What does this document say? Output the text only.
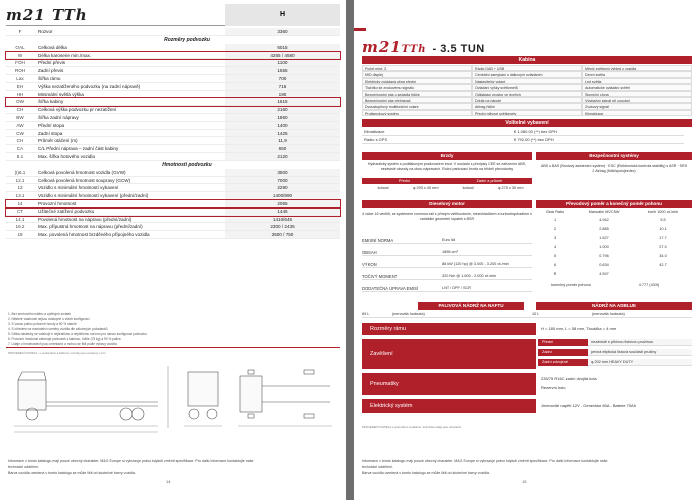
m21 TTh	H
F	Rozvor	3360
Rozměry podvozku
OAL	Celková délka	6015
W	Délka karoserie min./max.	4265 / 4580
FOH	Přední převis	1100
ROH	Zadní převis	1555
Lax	Šířka rámu	700
EH	Výška nezatíženého podvozku (na zadní nápravě)	715
HH	Minimální světlá výška	190
OW	Šířka kabiny	1615
CH	Celková výška podvozku pr nezatížení	2160
BW	Šířka zadní nápravy	1860
AW	Přední stopa	1400
CW	Zadní stopa	1425
CH	Průměr otáčení (m)	11,9
CA	C/L Přední náprava – zadní část kabiny	650
6.1	Max. šířka hotového vozidla	2120
Hmotnosti podvozku
(I)6.1	Celková povolená hmotnost vozidla (GVW)	3500
12.1	Celková povolená hmotnost soupravy (GCW)	7000
13	Vozidlo s minimální hmotností vybavení	2290
13.1	Vozidlo s minimální hmotností vybavení (přední/zadní)	1400/890
14	Provozní hmotnost	2055
CT	Užitečné zatížení podvozku	1445
14.1	Povolená hmotnost na nápravu (přední/zadní)	1410/645
16.2	Max. přípustná hmotnost na nápravu (přední/zadní)	2300 / 2435
18	Max. povolená hmotnost brzděného přípojného vozidla	3500 / 750
1. Bez smrkového nátěru a zpětných zrcátek
2. Některé vlastnosti nejsou dostupné u všech konfigurací
3. S vanou palivu pohonné hmoty a 90 % nádrže
4. S ohledem na maximální rozměry vozidla dle zákonných požadavků
5. Délka nástavby se vztahuje k nejkratšímu a nejdelšímu rozvoru pro danou konfiguraci podvozku
6. Provozní hmotnost zahrnuje podvozek s kabinou, řidiče (75 kg) a 90 % paliva
7. Údaje o hmotnostech jsou orientační a mohou se lišit podle výbavy vozidla
PROVEDENÍ VOZIDLA - s podvozkem a kabinou; rozměry jsou uvedeny v mm
Informace v tomto katalogu mají pouze obecný charakter. M&G Europe si vyhrazuje právo kdykoli změnit specifikace. Pro další informace kontaktujte naše
technické oddělení.
Barva vozidla uvedená v tomto katalogu se může lišit od skutečné barvy vozidla.
14
m21TTh - 3.5 TUN
Kabina
Počet míst: 3	Rádio DAB + USB	Měnič zvětšený výhled z vozidla
MID displej	Centrální zamykání s dálkovým ovládáním	Denní světla
Elektricky ovládaná okna přední	Nastavitelný volant	Led světla
Tlačítko ke zvukovému signálu	Ovládání výšky světlometů	Automatické ovládání světel
Bezpečnostní pás u sedadla řidiče	Odkládací prostor ve dveřích	Sluneční clona
Bezpečnostní pás přehrávač	Držák na nápoje	Výstražný signál při couvání
Dvoustupňový multifunkční volant	Airbag řidiče	Zvukový signál
Protismykový systém	Přední mlhové světlomety	Klimatizace
Volitelné vybavení
Klimatizace	€ 1.080,00 (**) bez DPH
Rádio s GPS	€ 792,00 (**) bez DPH
Brzdy	Bezpečnostní systémy
Hydraulický systém s podtlakovým posilovačem brzd. V souladu s předpisy CEE se zařízením ABS, nezávislé obvody na obou nápravách. Ruční parkovací brzda na hřídeli převodovky
Přední	Zadní a průměr
kotouč	φ 293 x 40 mm	kotouč	φ 275 x 30 mm
ABS s BAS (Brzdový asistenční systém) · ESC (Elektronická kontrola stability) s ASR · SRS 2 Airbag (řidič/spolujezdec)
Dieselový motor	Převodový poměr a konečný poměr pohonu
4 válce 16 ventilů, se systémem common-rail s přímým vstřikováním, mezichladičem a turbodmychadlem s variabilní geometrií lopatek s BSR
EMISNÍ NORMA	Euro 6d
OBSAH	1898 cm³
VÝKON	88 kW (120 hp) @ 3.000 - 3.200 ot./min
TOČIVÝ MOMENT	320 Nm @ 1.600 - 2.000 ot./min
DODATEČNÁ ÚPRAVA EMISÍ	LNT / DPF / SCR
Gear Ratio	Manuální MVC5W	km/h 1000 ot./min
1	4.942	5.5
2	2.885	10.1
3	1.527	17.7
4	1.000	27.0
5	0.796	34.0
6	0.634	42.7
R	4.597
konečný poměr pohonu	4.777 (43/9)
PALIVOVÁ NÁDRŽ NA NAFTU	NÁDRŽ NA ADBLUE
69 L	(menovitá hodnota)	10 L	(menovitá hodnota)
Rozměry rámu	H = 180 mm, L = 58 mm, Tloušťka = 4 mm
Zavěšení
Přední	nezávislé s příčnou listovou pružinou
Zadní	pevná eliptická listová součásti pružiny
Zadní zdvojené	φ 202 mm HEAVY DUTY
Pneumatiky
235/75 R16C zadní dvojitá kola
Rezervní kolo
Elektrický systém	Jmenovité napětí 12V - Generátor 80A - Baterie 70Ah
PROVEDENÍ VOZIDLA s podvozkem a kabinou; technické údaje jsou orientační
Informace v tomto katalogu mají pouze obecný charakter. M&G Europe si vyhrazuje právo kdykoli změnit specifikace. Pro další informace kontaktujte naše
technické oddělení.
Barva vozidla uvedená v tomto katalogu se může lišit od skutečné barvy vozidla.
15
